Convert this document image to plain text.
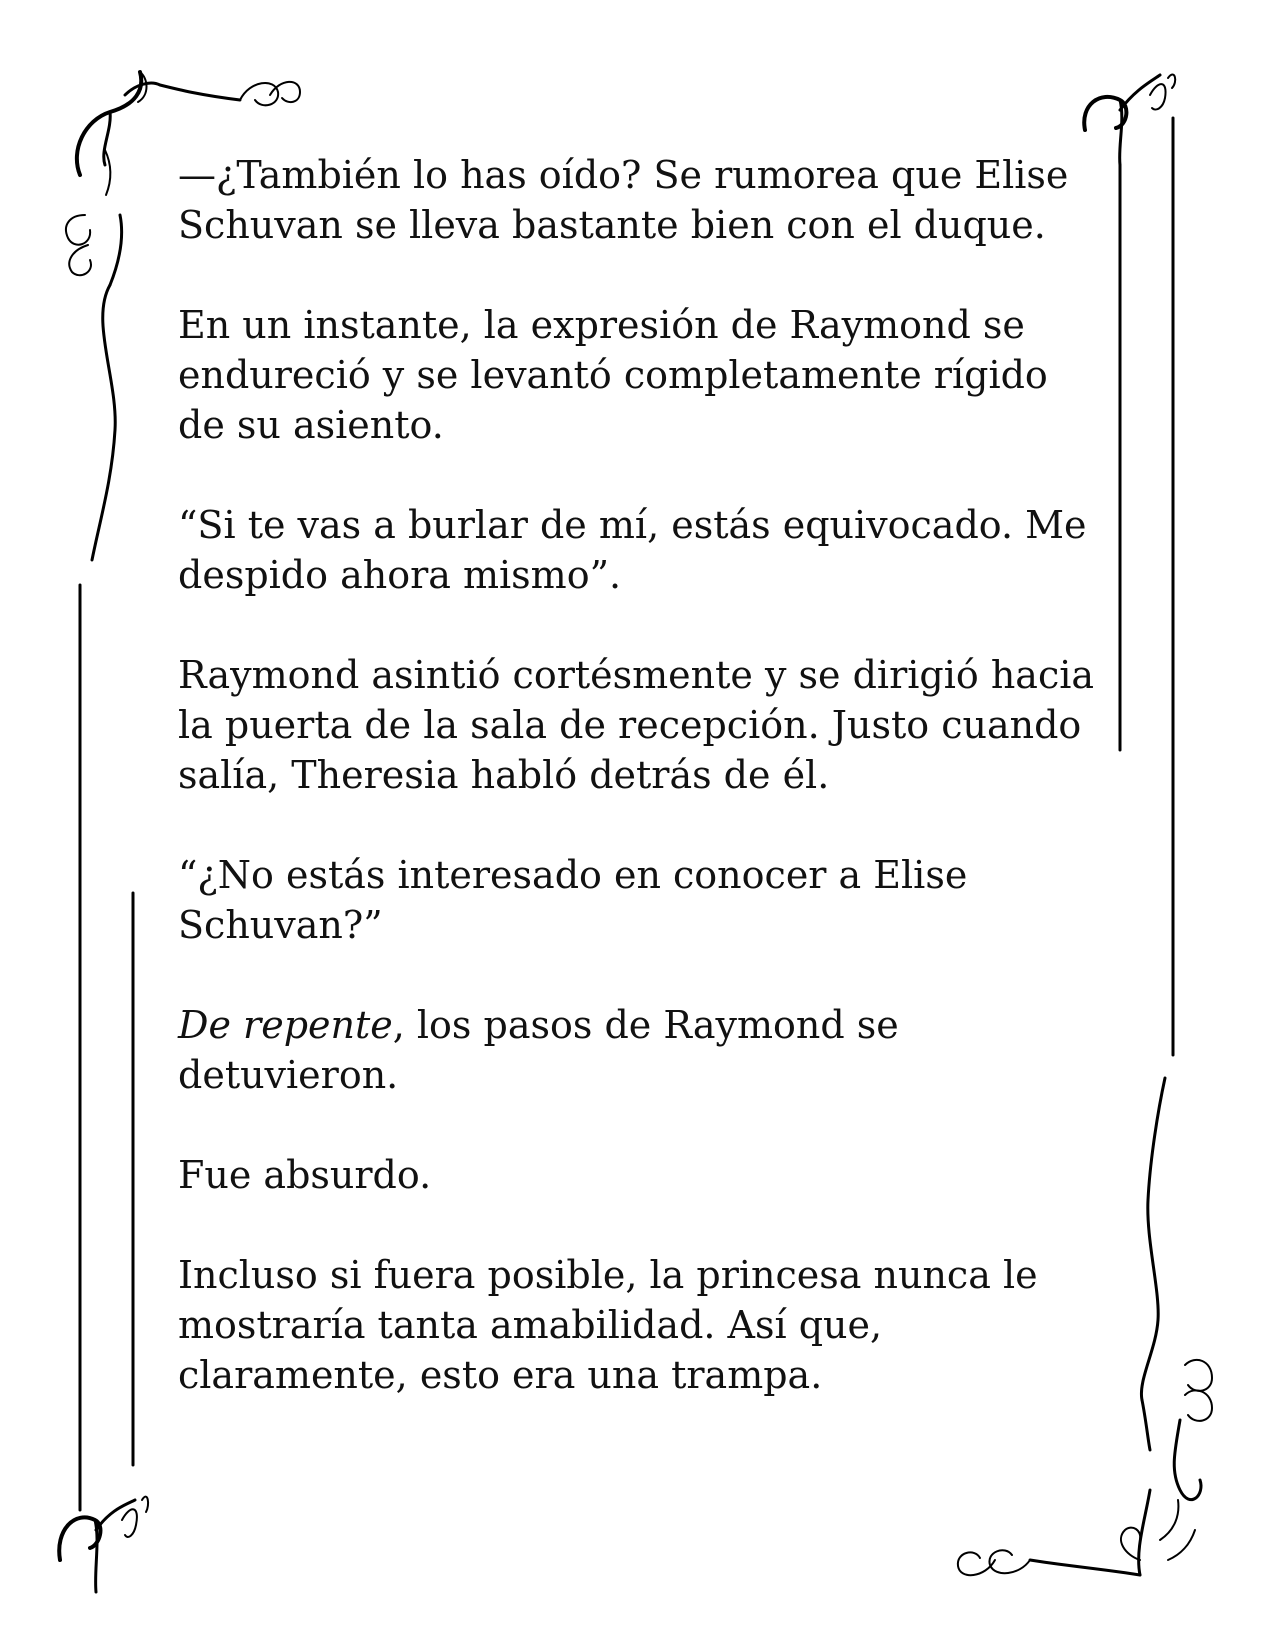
—¿También lo has oído? Se rumorea que Elise Schuvan se lleva bastante bien con el duque.

En un instante, la expresión de Raymond se endureció y se levantó completamente rígido de su asiento.

“Si te vas a burlar de mí, estás equivocado. Me despido ahora mismo”.

Raymond asintió cortésmente y se dirigió hacia la puerta de la sala de recepción. Justo cuando salía, Theresia habló detrás de él.

“¿No estás interesado en conocer a Elise Schuvan?”

De repente, los pasos de Raymond se detuvieron.

Fue absurdo.

Incluso si fuera posible, la princesa nunca le mostraría tanta amabilidad. Así que, claramente, esto era una trampa.
